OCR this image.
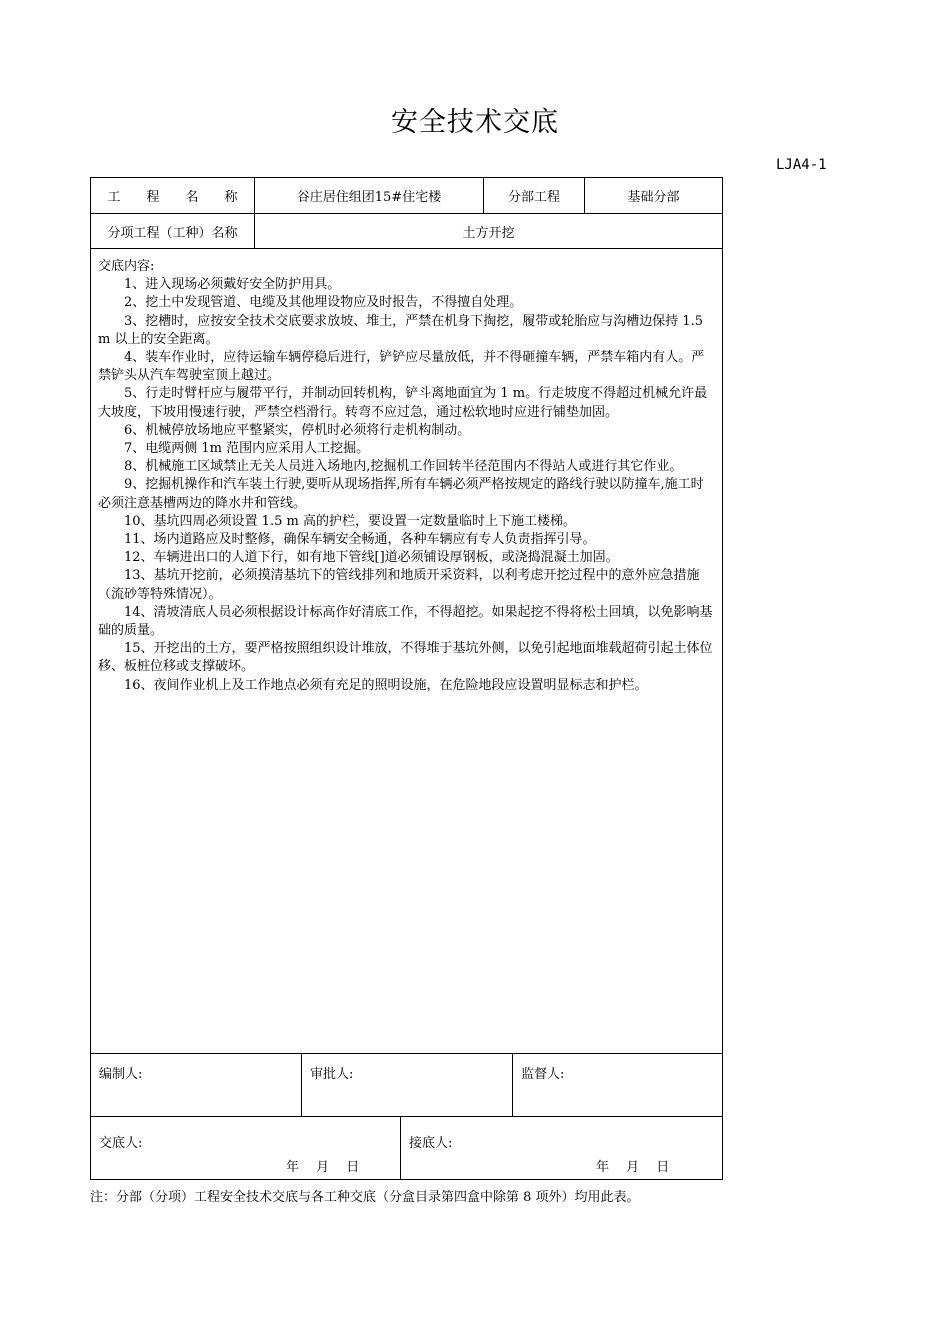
安全技术交底
LJA4-1
工　　程　　名　　称	谷庄居住组团15#住宅楼	分部工程	基础分部
分项工程（工种）名称	土方开挖

交底内容:

1、进入现场必须戴好安全防护用具。

2、挖土中发现管道、电缆及其他埋设物应及时报告，不得擅自处理。

3、挖槽时，应按安全技术交底要求放坡、堆土，严禁在机身下掏挖，履带或轮胎应与沟槽边保持 1.5 m 以上的安全距离。

4、装车作业时，应待运输车辆停稳后进行，铲铲应尽量放低，并不得砸撞车辆，严禁车箱内有人。严禁铲头从汽车驾驶室顶上越过。

5、行走时臂杆应与履带平行，并制动回转机构，铲斗离地面宜为 1 m。行走坡度不得超过机械允许最大坡度，下坡用慢速行驶，严禁空档滑行。转弯不应过急，通过松软地时应进行铺垫加固。

6、机械停放场地应平整紧实，停机时必须将行走机构制动。

7、电缆两侧 1m 范围内应采用人工挖掘。

8、机械施工区域禁止无关人员进入场地内,挖掘机工作回转半径范围内不得站人或进行其它作业。

9、挖掘机操作和汽车装土行驶,要听从现场指挥,所有车辆必须严格按规定的路线行驶以防撞车,施工时必须注意基槽两边的降水井和管线。

10、基坑四周必须设置 1.5 m 高的护栏，要设置一定数量临时上下施工楼梯。

11、场内道路应及时整修，确保车辆安全畅通，各种车辆应有专人负责指挥引导。

12、车辆进出口的人道下行，如有地下管线[]道必须铺设厚钢板，或浇捣混凝土加固。

13、基坑开挖前，必须摸清基坑下的管线排列和地质开采资料，以利考虑开挖过程中的意外应急措施（流砂等特殊情况）。

14、清坡清底人员必须根据设计标高作好清底工作，不得超挖。如果起挖不得将松土回填，以免影响基础的质量。

15、开挖出的土方，要严格按照组织设计堆放，不得堆于基坑外侧，以免引起地面堆载超荷引起土体位移、板桩位移或支撑破坏。

16、夜间作业机上及工作地点必须有充足的照明设施，在危险地段应设置明显标志和护栏。

编制人:	审批人:	监督人:
交底人:	接底人:
年　 月　 日	年　 月　 日
注：分部（分项）工程安全技术交底与各工种交底（分盒目录第四盒中除第 8 项外）均用此表。
